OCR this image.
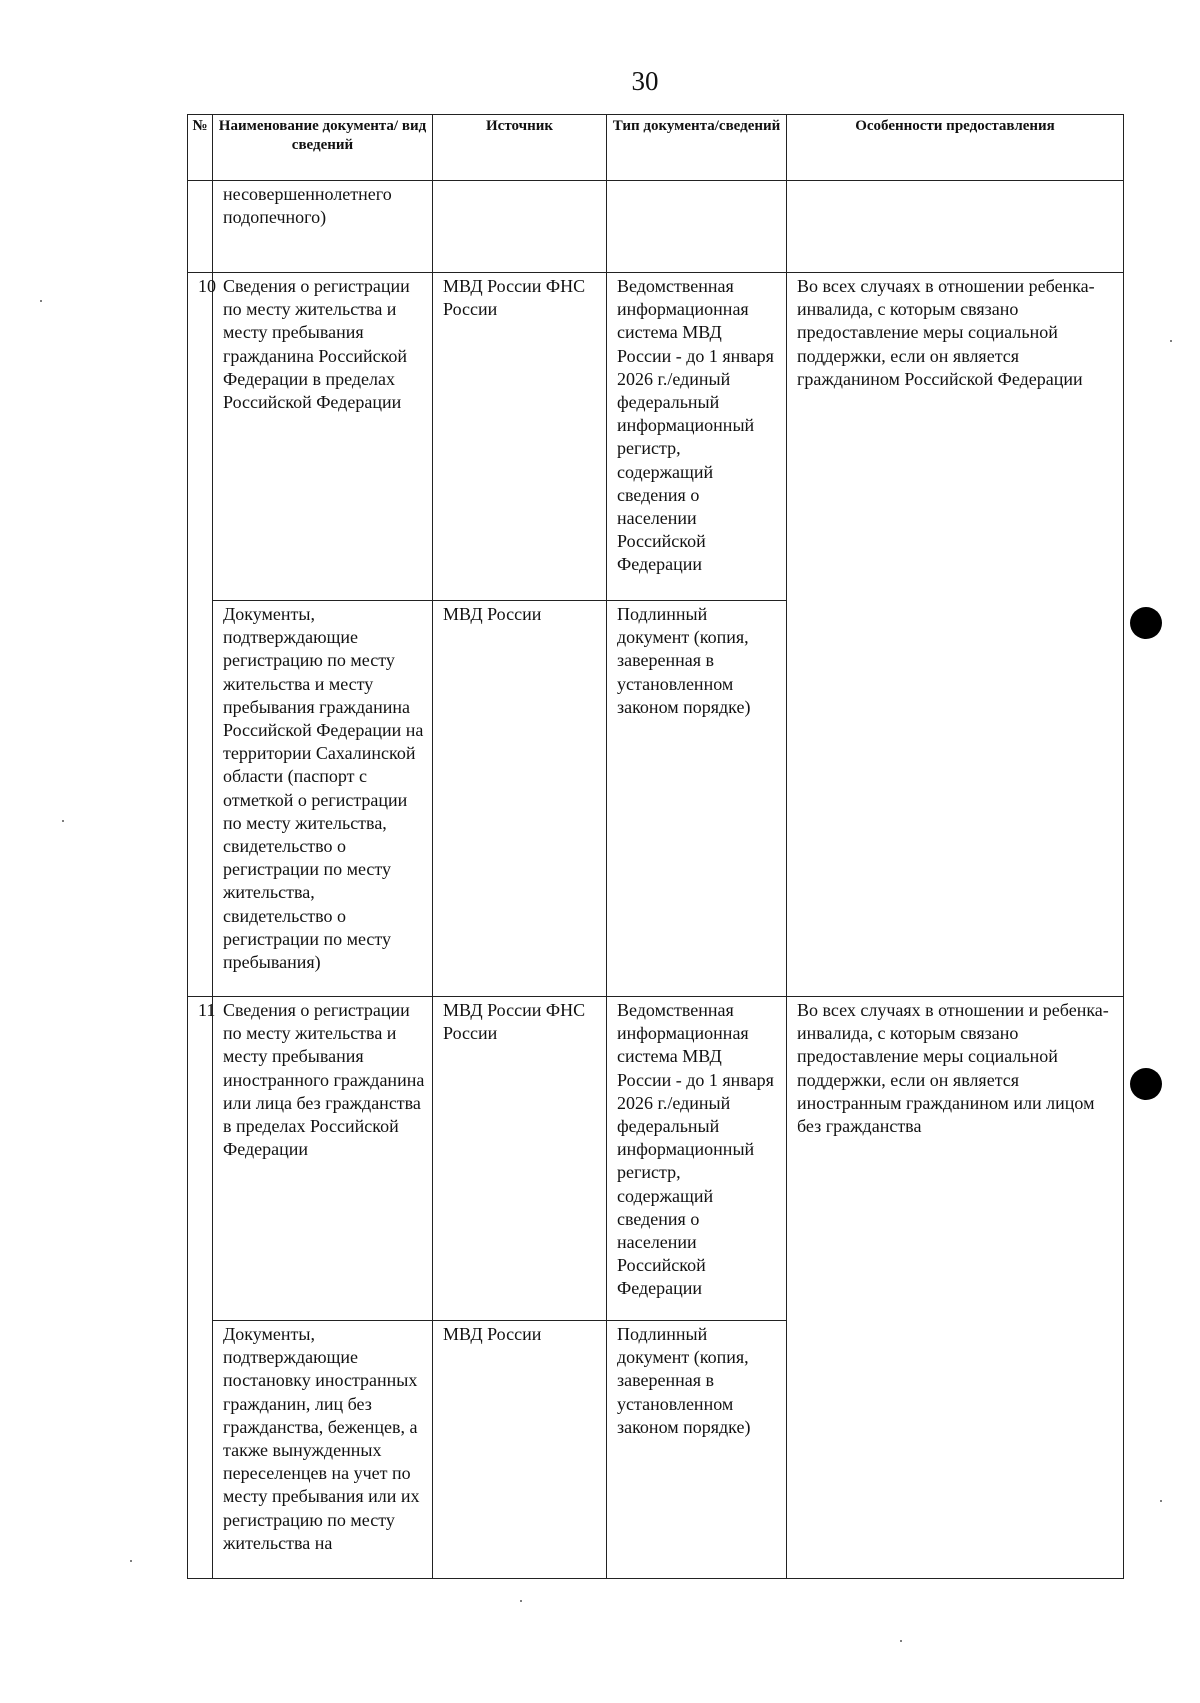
30
№	Наименование документа/ вид сведений	Источник	Тип документа/сведений	Особенности предоставления
	несовершеннолетнего подопечного)			
10	Сведения о регистрации по месту жительства и месту пребывания гражданина Российской Федерации в пределах Российской Федерации	МВД России ФНС России	Ведомственная информационная система МВД России - до 1 января 2026 г./единый федеральный информационный регистр, содержащий сведения о населении Российской Федерации	Во всех случаях в отношении ребенка-инвалида, с которым связано предоставление меры социальной поддержки, если он является гражданином Российской Федерации
	Документы, подтверждающие регистрацию по месту жительства и месту пребывания гражданина Российской Федерации на территории Сахалинской области (паспорт с отметкой о регистрации по месту жительства, свидетельство о регистрации по месту жительства, свидетельство о регистрации по месту пребывания)	МВД России	Подлинный документ (копия, заверенная в установленном законом порядке)	
11	Сведения о регистрации по месту жительства и месту пребывания иностранного гражданина или лица без гражданства в пределах Российской Федерации	МВД России ФНС России	Ведомственная информационная система МВД России - до 1 января 2026 г./единый федеральный информационный регистр, содержащий сведения о населении Российской Федерации	Во всех случаях в отношении и ребенка-инвалида, с которым связано предоставление меры социальной поддержки, если он является иностранным гражданином или лицом без гражданства
	Документы, подтверждающие постановку иностранных гражданин, лиц без гражданства, беженцев, а также вынужденных переселенцев на учет по месту пребывания или их регистрацию по месту жительства на	МВД России	Подлинный документ (копия, заверенная в установленном законом порядке)	
